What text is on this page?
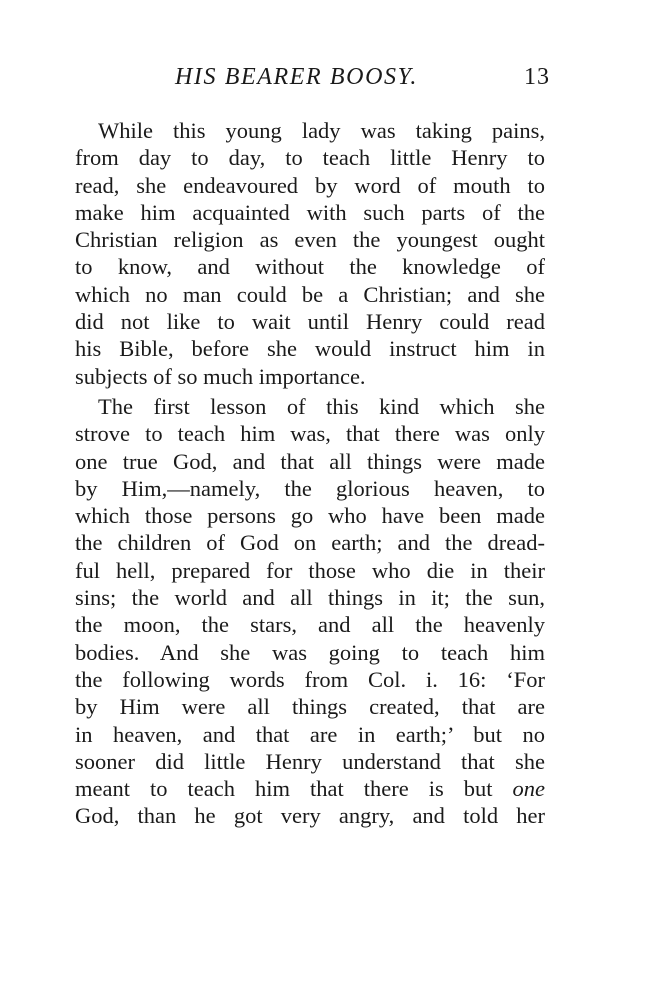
HIS BEARER BOOSY.	13
While this young lady was taking pains,
from day to day, to teach little Henry to
read, she endeavoured by word of mouth to
make him acquainted with such parts of the
Christian religion as even the youngest ought
to know, and without the knowledge of
which no man could be a Christian; and she
did not like to wait until Henry could read
his Bible, before she would instruct him in
subjects of so much importance.
The first lesson of this kind which she
strove to teach him was, that there was only
one true God, and that all things were made
by Him,—namely, the glorious heaven, to
which those persons go who have been made
the children of God on earth; and the dread-
ful hell, prepared for those who die in their
sins; the world and all things in it; the sun,
the moon, the stars, and all the heavenly
bodies. And she was going to teach him
the following words from Col. i. 16: ‘For
by Him were all things created, that are
in heaven, and that are in earth;’ but no
sooner did little Henry understand that she
meant to teach him that there is but one
God, than he got very angry, and told her
